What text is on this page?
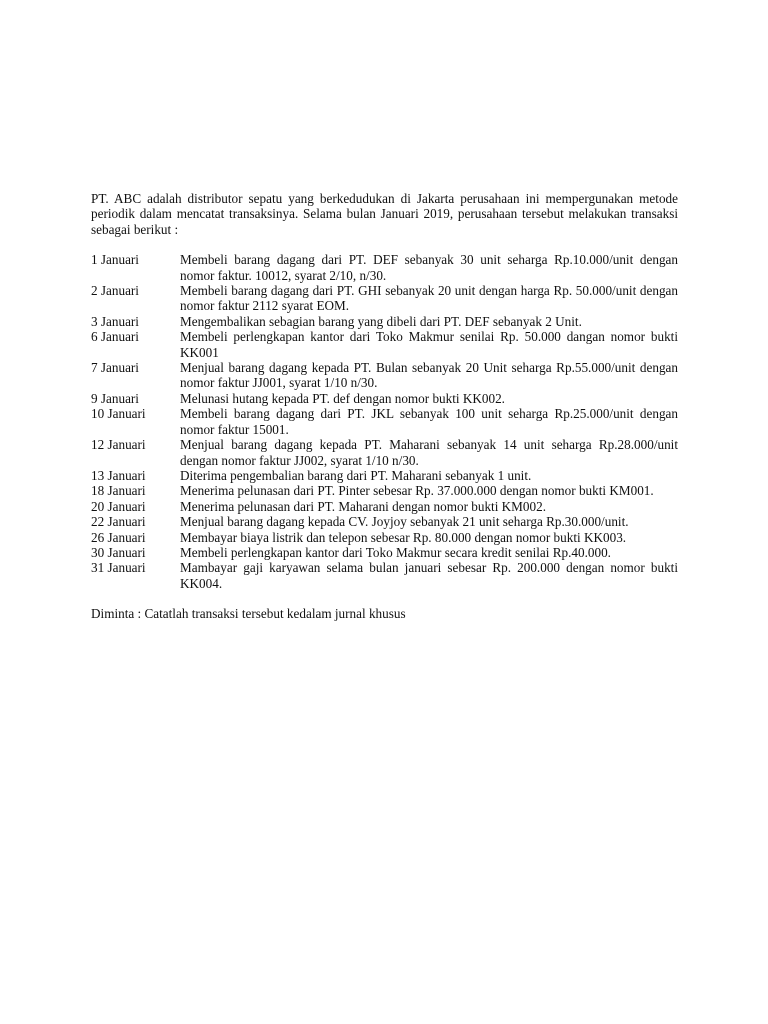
PT. ABC adalah distributor sepatu yang berkedudukan di Jakarta perusahaan ini mempergunakan metode periodik dalam mencatat transaksinya. Selama bulan Januari 2019, perusahaan tersebut melakukan transaksi sebagai berikut :

1 Januari	Membeli barang dagang dari PT. DEF sebanyak 30 unit seharga Rp.10.000/unit dengan nomor faktur. 10012, syarat 2/10, n/30.
2 Januari	Membeli barang dagang dari PT. GHI sebanyak 20 unit dengan harga Rp. 50.000/unit dengan nomor faktur 2112 syarat EOM.
3 Januari	Mengembalikan sebagian barang yang dibeli dari PT. DEF sebanyak 2 Unit.
6 Januari	Membeli perlengkapan kantor dari Toko Makmur senilai Rp. 50.000 dangan nomor bukti KK001
7 Januari	Menjual barang dagang kepada PT. Bulan sebanyak 20 Unit seharga Rp.55.000/unit dengan nomor faktur JJ001, syarat 1/10 n/30.
9 Januari	Melunasi hutang kepada PT. def dengan nomor bukti KK002.
10 Januari	Membeli barang dagang dari PT. JKL sebanyak 100 unit seharga Rp.25.000/unit dengan nomor faktur 15001.
12 Januari	Menjual barang dagang kepada PT. Maharani sebanyak 14 unit seharga Rp.28.000/unit dengan nomor faktur JJ002, syarat 1/10 n/30.
13 Januari	Diterima pengembalian barang dari PT. Maharani sebanyak 1 unit.
18 Januari	Menerima pelunasan dari PT. Pinter sebesar Rp. 37.000.000 dengan nomor bukti KM001.
20 Januari	Menerima pelunasan dari PT. Maharani dengan nomor bukti KM002.
22 Januari	Menjual barang dagang kepada CV. Joyjoy sebanyak 21 unit seharga Rp.30.000/unit.
26 Januari	Membayar biaya listrik dan telepon sebesar Rp. 80.000 dengan nomor bukti KK003.
30 Januari	Membeli perlengkapan kantor dari Toko Makmur secara kredit senilai Rp.40.000.
31 Januari	Mambayar gaji karyawan selama bulan januari sebesar Rp. 200.000 dengan nomor bukti KK004.

Diminta : Catatlah transaksi tersebut kedalam jurnal khusus
